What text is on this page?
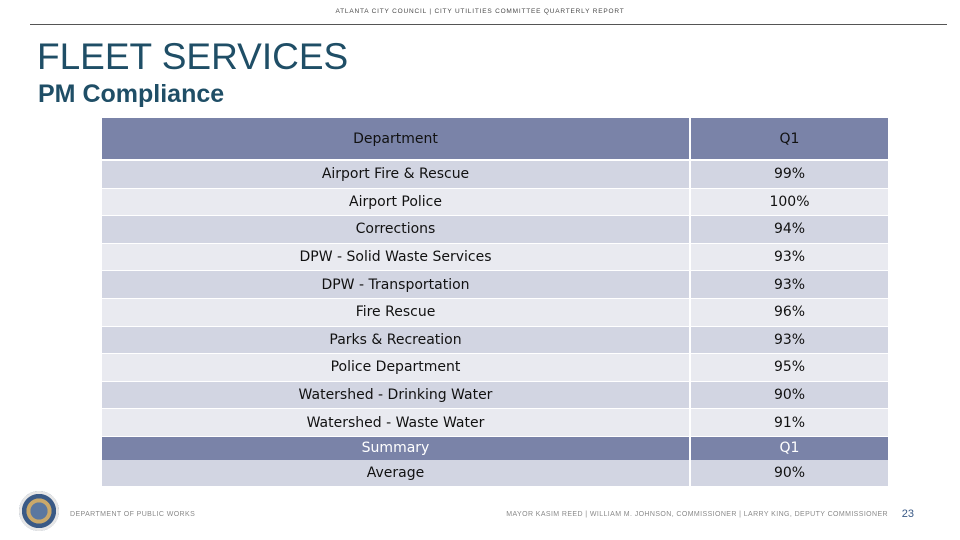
ATLANTA CITY COUNCIL | CITY UTILITIES COMMITTEE QUARTERLY REPORT
FLEET SERVICES
PM Compliance
Department	Q1
Airport Fire & Rescue	99%
Airport Police	100%
Corrections	94%
DPW - Solid Waste Services	93%
DPW - Transportation	93%
Fire Rescue	96%
Parks & Recreation	93%
Police Department	95%
Watershed - Drinking Water	90%
Watershed - Waste Water	91%
Summary	Q1
Average	90%
DEPARTMENT OF PUBLIC WORKS	MAYOR KASIM REED | WILLIAM M. JOHNSON, COMMISSIONER | LARRY KING, DEPUTY COMMISSIONER 23
